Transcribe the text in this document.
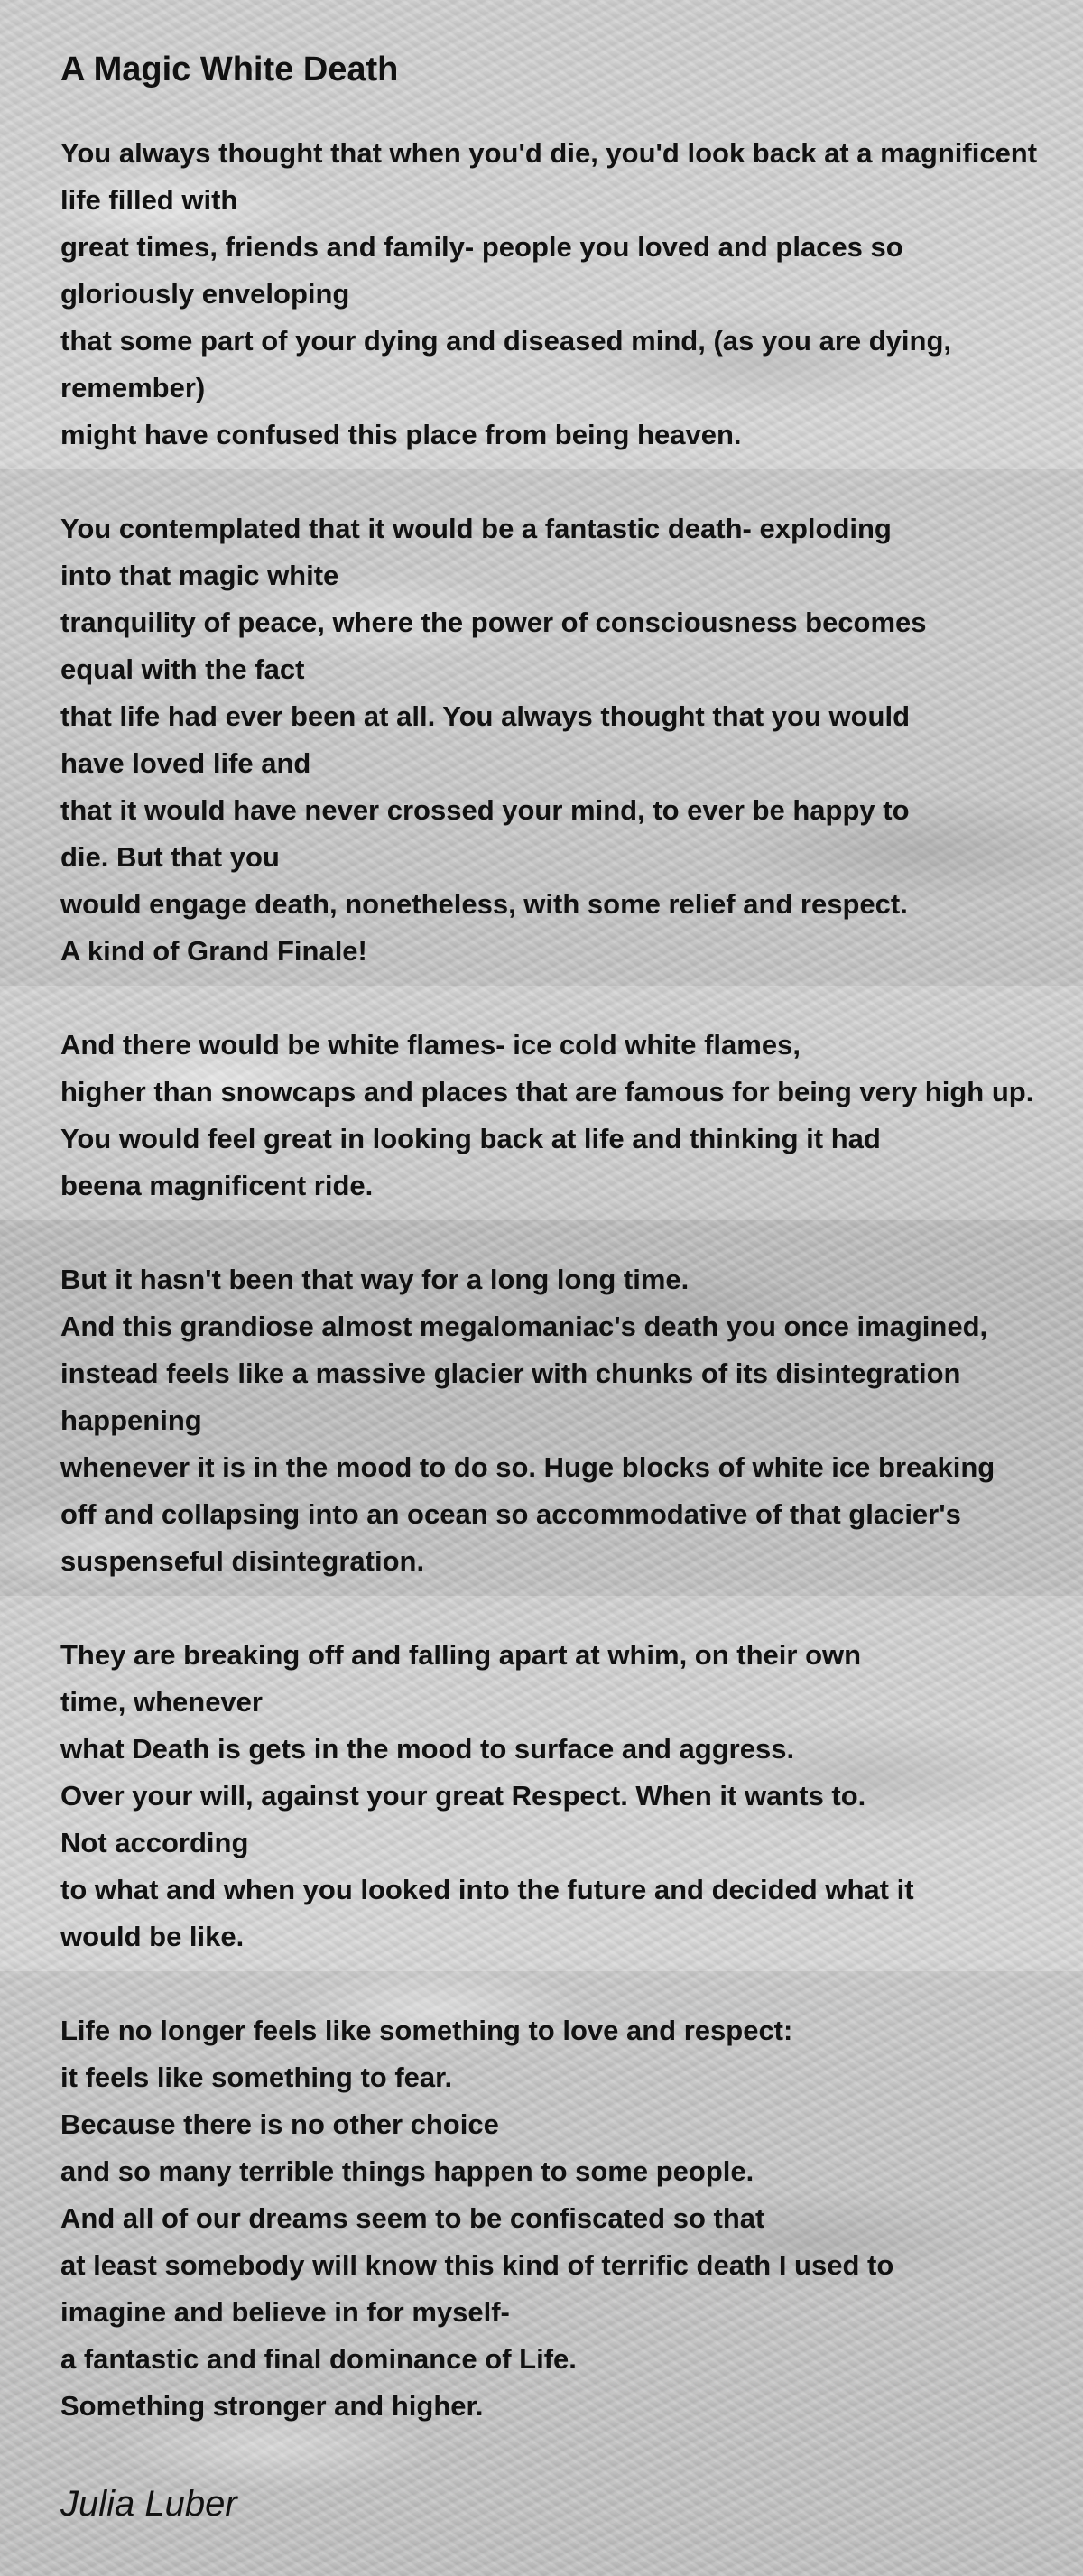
A Magic White Death
You always thought that when you'd die, you'd look back at a magnificent
life filled with
great times, friends and family- people you loved and places so
gloriously enveloping
that some part of your dying and diseased mind, (as you are dying,
remember)
might have confused this place from being heaven.
You contemplated that it would be a fantastic death- exploding
into that magic white
tranquility of peace, where the power of consciousness becomes
equal with the fact
that life had ever been at all. You always thought that you would
have loved life and
that it would have never crossed your mind, to ever be happy to
die. But that you
would engage death, nonetheless, with some relief and respect.
A kind of Grand Finale!
And there would be white flames- ice cold white flames,
higher than snowcaps and places that are famous for being very high up.
You would feel great in looking back at life and thinking it had
beena magnificent ride.
But it hasn't been that way for a long long time.
And this grandiose almost megalomaniac's death you once imagined,
instead feels like a massive glacier with chunks of its disintegration
happening
whenever it is in the mood to do so. Huge blocks of white ice breaking
off and collapsing into an ocean so accommodative of that glacier's
suspenseful disintegration.
They are breaking off and falling apart at whim, on their own
time, whenever
what Death is gets in the mood to surface and aggress.
Over your will, against your great Respect. When it wants to.
Not according
to what and when you looked into the future and decided what it
would be like.
Life no longer feels like something to love and respect:
it feels like something to fear.
Because there is no other choice
and so many terrible things happen to some people.
And all of our dreams seem to be confiscated so that
at least somebody will know this kind of terrific death I used to
imagine and believe in for myself-
a fantastic and final dominance of Life.
Something stronger and higher.
Julia Luber
